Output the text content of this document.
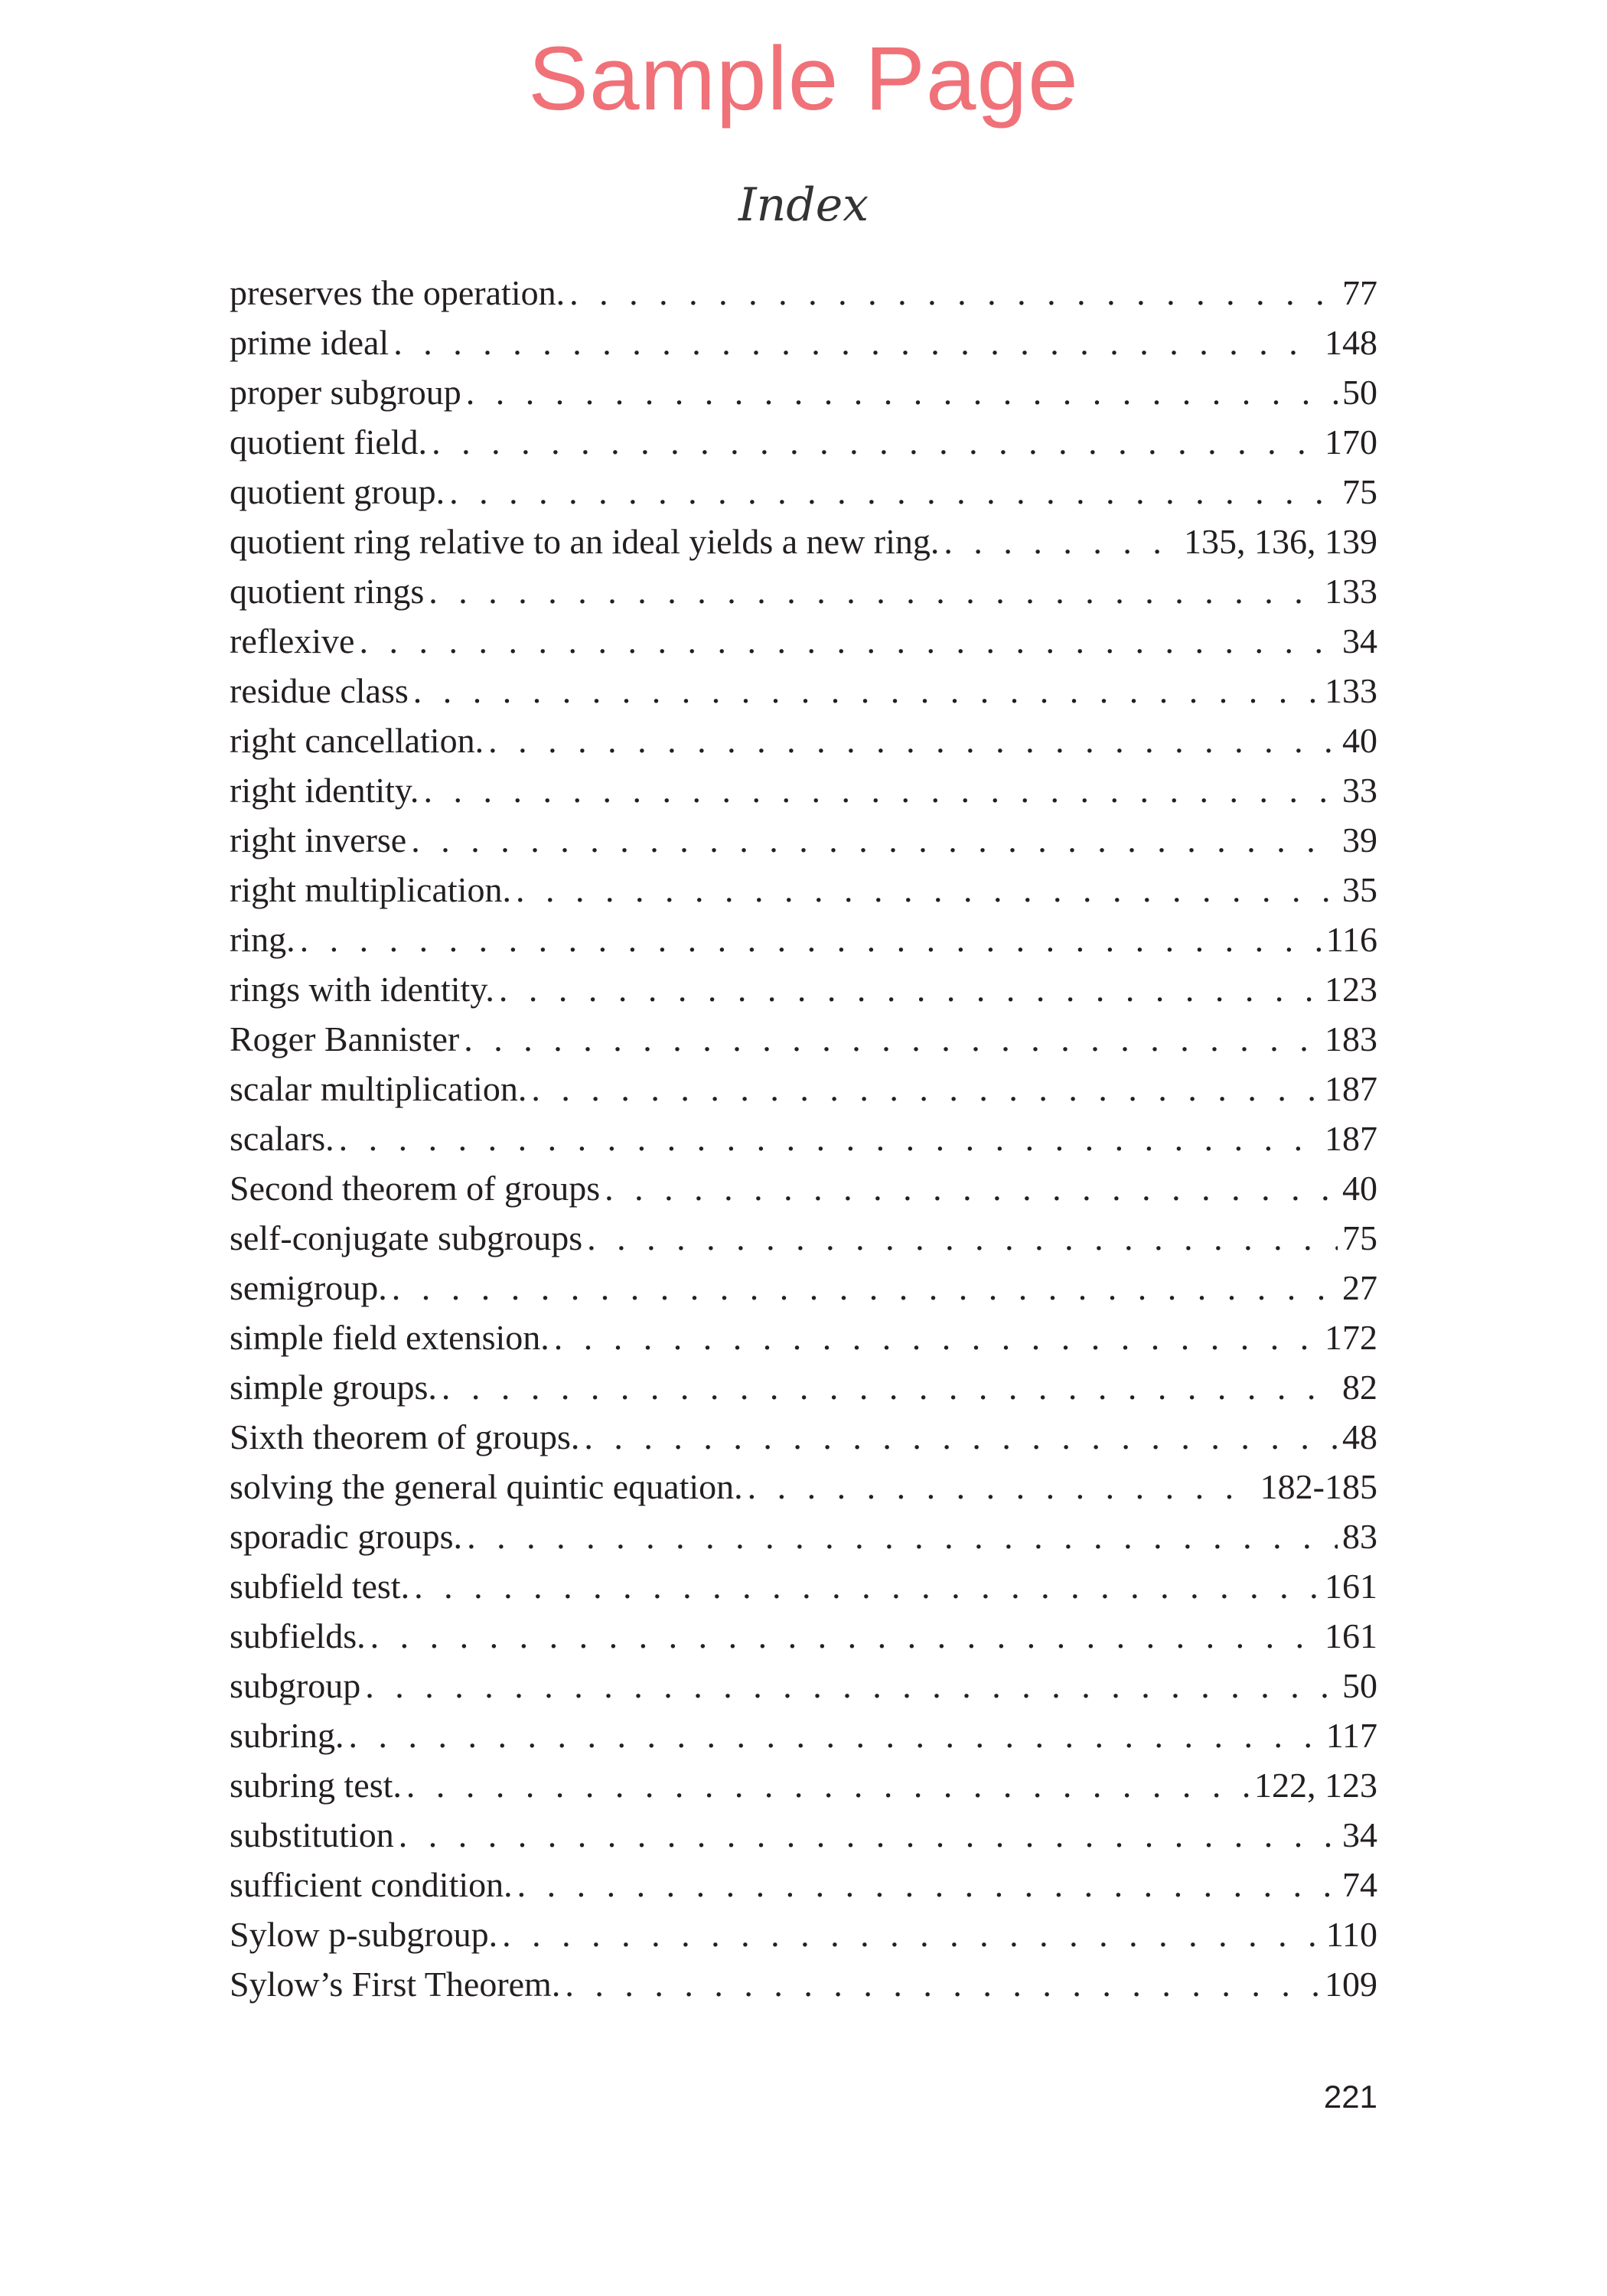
Sample Page
Index
preserves the operation. . . .	77
prime ideal . . .	148
proper subgroup . . .	50
quotient field. . . .	170
quotient group. . . .	75
quotient ring relative to an ideal yields a new ring. . . .	135, 136, 139
quotient rings . . .	133
reflexive . . .	34
residue class . . .	133
right cancellation. . . .	40
right identity. . . .	33
right inverse . . .	39
right multiplication. . . .	35
ring. . . .	116
rings with identity. . . .	123
Roger Bannister . . .	183
scalar multiplication. . . .	187
scalars. . . .	187
Second theorem of groups . . .	40
self-conjugate subgroups . . .	75
semigroup. . . .	27
simple field extension. . . .	172
simple groups. . . .	82
Sixth theorem of groups. . . .	48
solving the general quintic equation. . . .	182-185
sporadic groups. . . .	83
subfield test. . . .	161
subfields. . . .	161
subgroup . . .	50
subring. . . .	117
subring test. . . .	122, 123
substitution . . .	34
sufficient condition. . . .	74
Sylow p-subgroup. . . .	110
Sylow’s First Theorem. . . .	109
221
